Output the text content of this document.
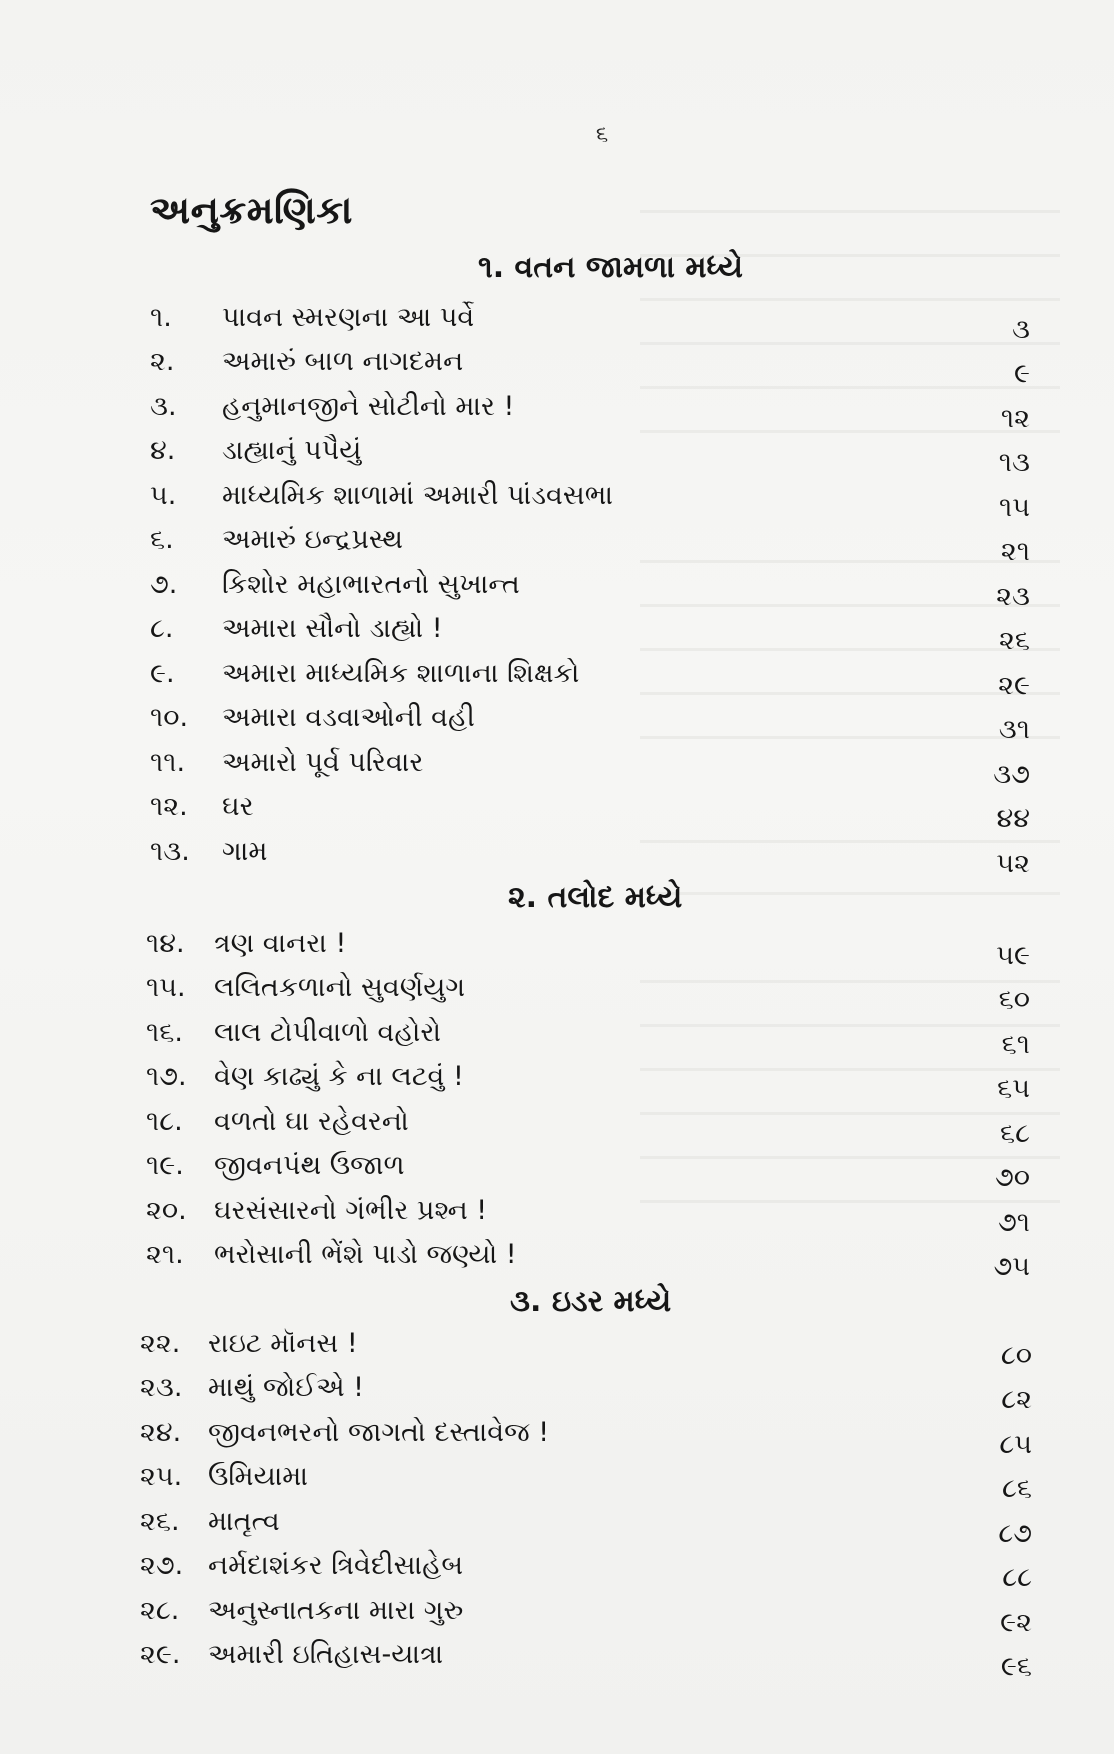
૬
અનુક્રમણિકા
૧. વતન જામળા મધ્યે
૧.	પાવન સ્મરણના આ પર્વે	૩
૨.	અમારું બાળ નાગદમન	૯
૩.	હનુમાનજીને સોટીનો માર !	૧૨
૪.	ડાહ્યાનું પપૈયું	૧૩
૫.	માધ્યમિક શાળામાં અમારી પાંડવસભા	૧૫
૬.	અમારું ઇન્દ્રપ્રસ્થ	૨૧
૭.	કિશોર મહાભારતનો સુખાન્ત	૨૩
૮.	અમારા સૌનો ડાહ્યો !	૨૬
૯.	અમારા માધ્યમિક શાળાના શિક્ષકો	૨૯
૧૦.	અમારા વડવાઓની વહી	૩૧
૧૧.	અમારો પૂર્વ પરિવાર	૩૭
૧૨.	ઘર	૪૪
૧૩.	ગામ	૫૨
૨. તલોદ મધ્યે
૧૪.	ત્રણ વાનરા !	૫૯
૧૫.	લલિતકળાનો સુવર્ણયુગ	૬૦
૧૬.	લાલ ટોપીવાળો વહોરો	૬૧
૧૭.	વેણ કાઢ્યું કે ના લટવું !	૬૫
૧૮.	વળતો ઘા રહેવરનો	૬૮
૧૯.	જીવનપંથ ઉજાળ	૭૦
૨૦.	ઘરસંસારનો ગંભીર પ્રશ્ન !	૭૧
૨૧.	ભરોસાની ભેંશે પાડો જણ્યો !	૭૫
૩. ઇડર મધ્યે
૨૨.	રાઇટ મૉનસ !	૮૦
૨૩. માથું જોઈએ !	૮૨
૨૪. જીવનભરનો જાગતો દસ્તાવેજ !	૮૫
૨૫. ઉમિયામા	૮૬
૨૬.	માતૃત્વ	૮૭
૨૭. નર્મદાશંકર ત્રિવેદીસાહેબ	૮૮
૨૮.	અનુસ્નાતકના મારા ગુરુ	૯૨
૨૯.	અમારી ઇતિહાસ-યાત્રા	૯૬
